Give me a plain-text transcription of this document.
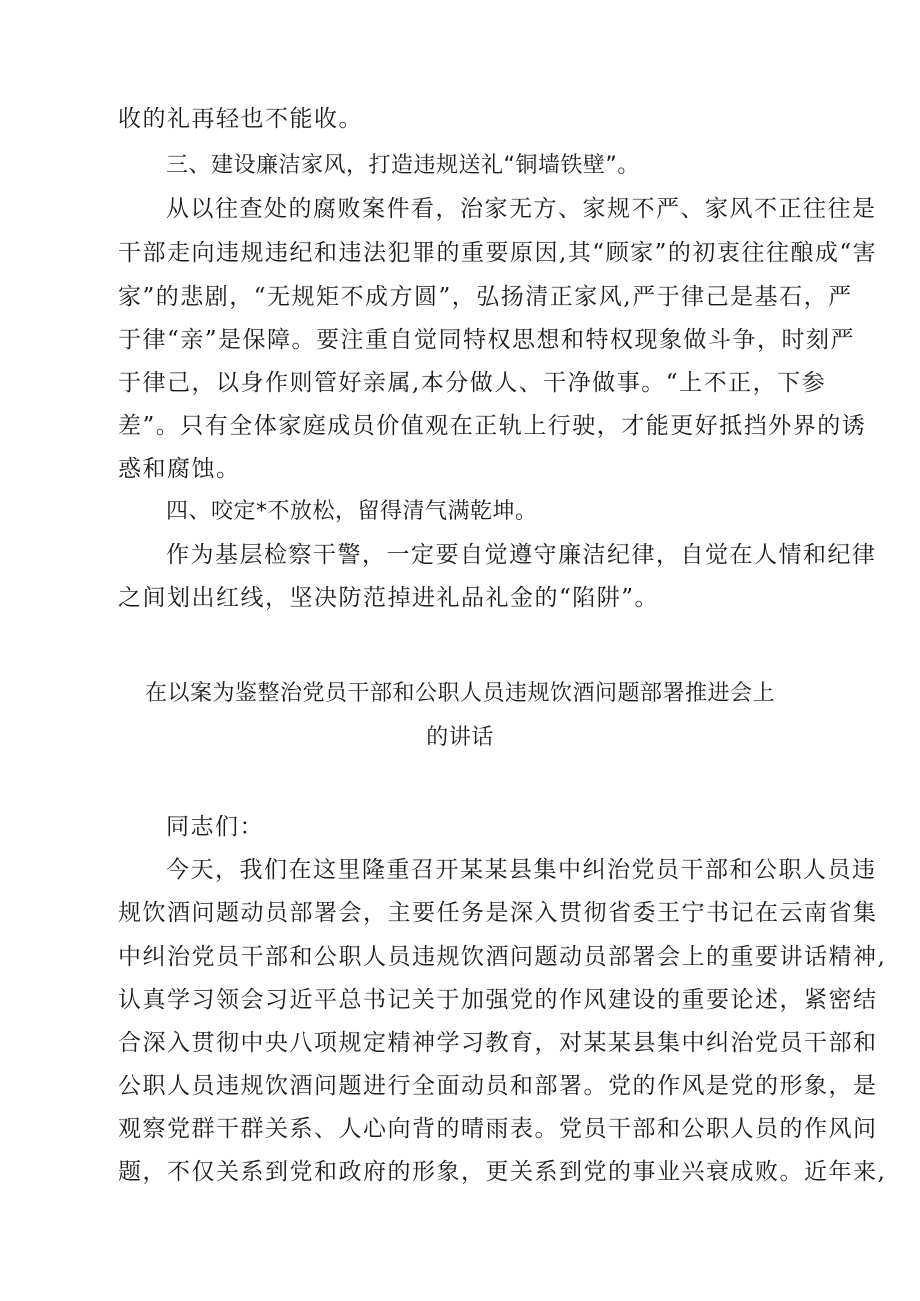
收的礼再轻也不能收。
三、建设廉洁家风，打造违规送礼“铜墙铁壁”。
从以往查处的腐败案件看，治家无方、家规不严、家风不正往往是
干部走向违规违纪和违法犯罪的重要原因,其“顾家”的初衷往往酿成“害
家”的悲剧，“无规矩不成方圆”，弘扬清正家风,严于律己是基石，严
于律“亲”是保障。要注重自觉同特权思想和特权现象做斗争，时刻严
于律己，以身作则管好亲属,本分做人、干净做事。“上不正，下参
差”。只有全体家庭成员价值观在正轨上行驶，才能更好抵挡外界的诱
惑和腐蚀。
四、咬定*不放松，留得清气满乾坤。
作为基层检察干警，一定要自觉遵守廉洁纪律，自觉在人情和纪律
之间划出红线，坚决防范掉进礼品礼金的“陷阱”。
在以案为鉴整治党员干部和公职人员违规饮酒问题部署推进会上
的讲话
同志们：
今天，我们在这里隆重召开某某县集中纠治党员干部和公职人员违
规饮酒问题动员部署会，主要任务是深入贯彻省委王宁书记在云南省集
中纠治党员干部和公职人员违规饮酒问题动员部署会上的重要讲话精神,
认真学习领会习近平总书记关于加强党的作风建设的重要论述，紧密结
合深入贯彻中央八项规定精神学习教育，对某某县集中纠治党员干部和
公职人员违规饮酒问题进行全面动员和部署。党的作风是党的形象，是
观察党群干群关系、人心向背的晴雨表。党员干部和公职人员的作风问
题，不仅关系到党和政府的形象，更关系到党的事业兴衰成败。近年来,
